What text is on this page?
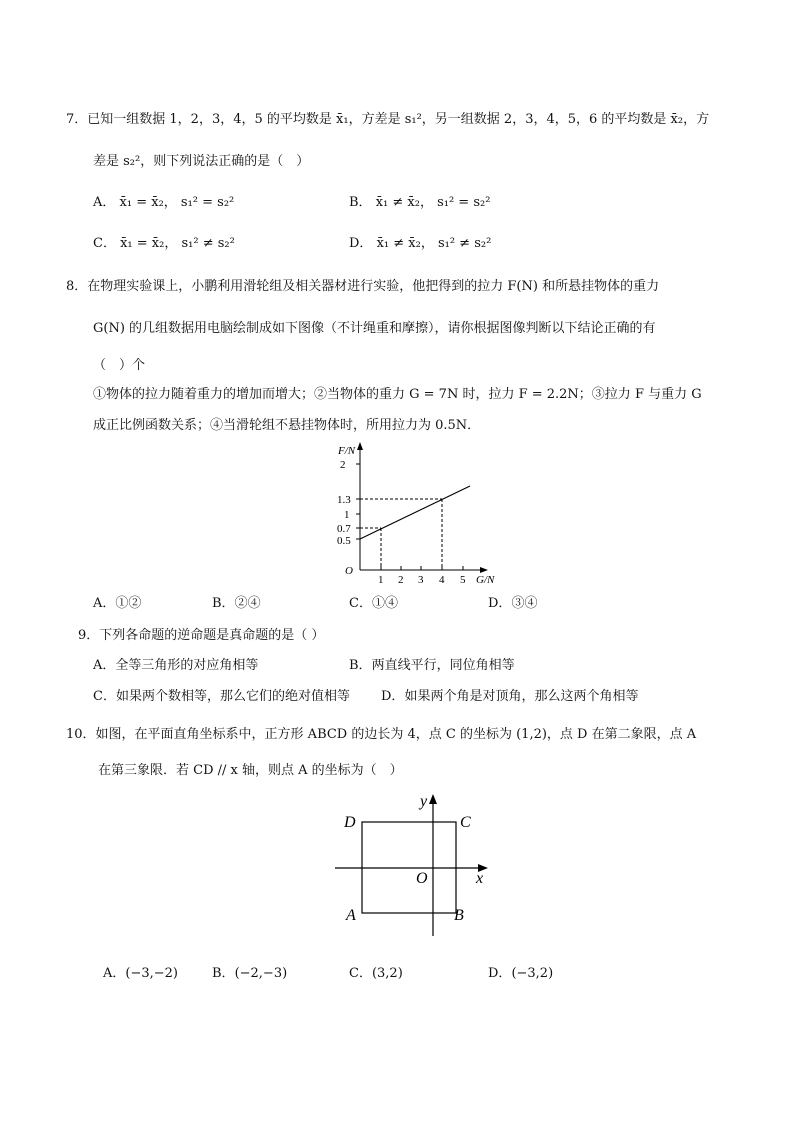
7．已知一组数据 1，2，3，4，5 的平均数是 x̄₁，方差是 s₁²，另一组数据 2，3，4，5，6 的平均数是 x̄₂，方
差是 s₂²，则下列说法正确的是（　）
A． x̄₁ = x̄₂， s₁² = s₂²	B． x̄₁ ≠ x̄₂， s₁² = s₂²
C． x̄₁ = x̄₂， s₁² ≠ s₂²	D． x̄₁ ≠ x̄₂， s₁² ≠ s₂²
8．在物理实验课上，小鹏利用滑轮组及相关器材进行实验，他把得到的拉力 F(N) 和所悬挂物体的重力
G(N) 的几组数据用电脑绘制成如下图像（不计绳重和摩擦），请你根据图像判断以下结论正确的有
（　）个
①物体的拉力随着重力的增加而增大；②当物体的重力 G = 7N 时，拉力 F = 2.2N；③拉力 F 与重力 G
成正比例函数关系；④当滑轮组不悬挂物体时，所用拉力为 0.5N．
F/N
2
1.3
1
0.7
0.5
O
1 2 3 4 5 G/N
A．①②	B．②④	C．①④	D．③④
9．下列各命题的逆命题是真命题的是（ ）
A．全等三角形的对应角相等	B．两直线平行，同位角相等
C．如果两个数相等，那么它们的绝对值相等 D．如果两个角是对顶角，那么这两个角相等
10．如图，在平面直角坐标系中，正方形 ABCD 的边长为 4，点 C 的坐标为 (1,2)，点 D 在第二象限，点 A
在第三象限．若 CD // x 轴，则点 A 的坐标为（　）
y
D	C
O	x
A	B
A．(−3,−2)	B．(−2,−3)	C．(3,2)	D．(−3,2)
